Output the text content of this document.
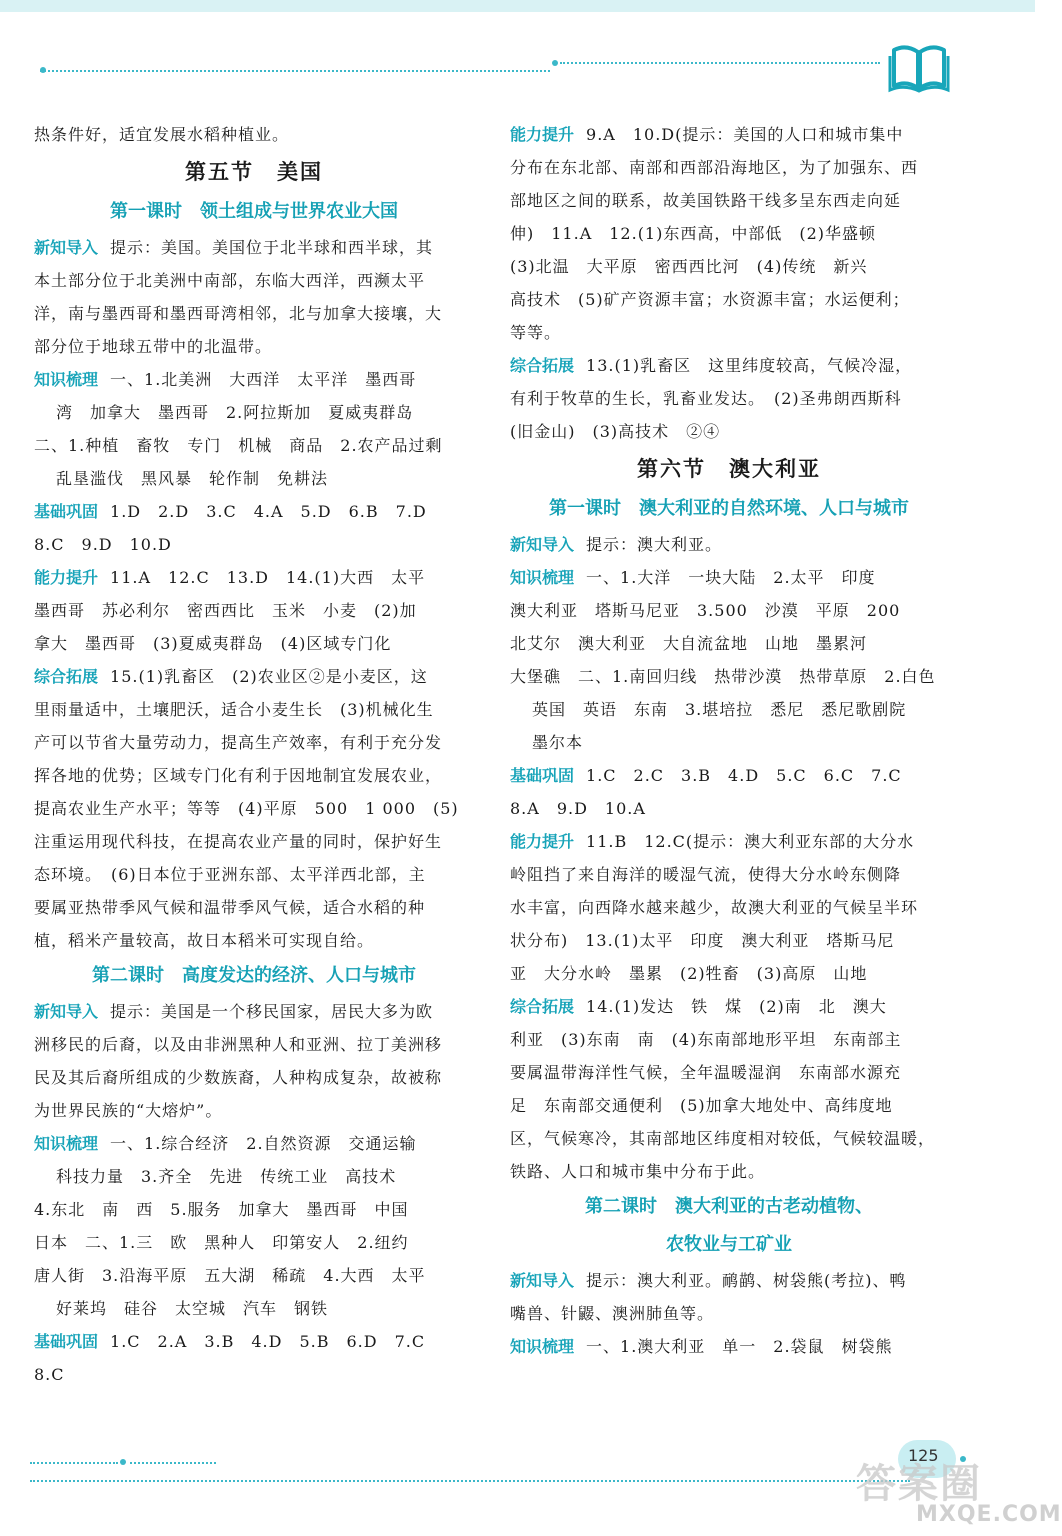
热条件好，适宜发展水稻种植业。
第五节　美国
第一课时　领土组成与世界农业大国
新知导入 提示：美国。美国位于北半球和西半球，其
本土部分位于北美洲中南部，东临大西洋，西濒太平
洋，南与墨西哥和墨西哥湾相邻，北与加拿大接壤，大
部分位于地球五带中的北温带。
知识梳理 一、1.北美洲　大西洋　太平洋　墨西哥
湾　加拿大　墨西哥　2.阿拉斯加　夏威夷群岛
二、1.种植　畜牧　专门　机械　商品　2.农产品过剩
乱垦滥伐　黑风暴　轮作制　免耕法
基础巩固 1.D　2.D　3.C　4.A　5.D　6.B　7.D
8.C　9.D　10.D
能力提升 11.A　12.C　13.D　14.(1)大西　太平
墨西哥　苏必利尔　密西西比　玉米　小麦　(2)加
拿大　墨西哥　(3)夏威夷群岛　(4)区域专门化
综合拓展 15.(1)乳畜区　(2)农业区②是小麦区，这
里雨量适中，土壤肥沃，适合小麦生长　(3)机械化生
产可以节省大量劳动力，提高生产效率，有利于充分发
挥各地的优势；区域专门化有利于因地制宜发展农业，
提高农业生产水平；等等　(4)平原　500　1 000　(5)
注重运用现代科技，在提高农业产量的同时，保护好生
态环境。　(6)日本位于亚洲东部、太平洋西北部，主
要属亚热带季风气候和温带季风气候，适合水稻的种
植，稻米产量较高，故日本稻米可实现自给。
第二课时　高度发达的经济、人口与城市
新知导入 提示：美国是一个移民国家，居民大多为欧
洲移民的后裔，以及由非洲黑种人和亚洲、拉丁美洲移
民及其后裔所组成的少数族裔，人种构成复杂，故被称
为世界民族的“大熔炉”。
知识梳理 一、1.综合经济　2.自然资源　交通运输
科技力量　3.齐全　先进　传统工业　高技术
4.东北　南　西　5.服务　加拿大　墨西哥　中国
日本　二、1.三　欧　黑种人　印第安人　2.纽约
唐人街　3.沿海平原　五大湖　稀疏　4.大西　太平
好莱坞　硅谷　太空城　汽车　钢铁
基础巩固 1.C　2.A　3.B　4.D　5.B　6.D　7.C
8.C
能力提升 9.A　10.D(提示：美国的人口和城市集中
分布在东北部、南部和西部沿海地区，为了加强东、西
部地区之间的联系，故美国铁路干线多呈东西走向延
伸)　11.A　12.(1)东西高，中部低　(2)华盛顿
(3)北温　大平原　密西西比河　(4)传统　新兴
高技术　(5)矿产资源丰富；水资源丰富；水运便利；
等等。
综合拓展 13.(1)乳畜区　这里纬度较高，气候冷湿，
有利于牧草的生长，乳畜业发达。　(2)圣弗朗西斯科
(旧金山)　(3)高技术　②④
第六节　澳大利亚
第一课时　澳大利亚的自然环境、人口与城市
新知导入 提示：澳大利亚。
知识梳理 一、1.大洋　一块大陆　2.太平　印度
澳大利亚　塔斯马尼亚　3.500　沙漠　平原　200
北艾尔　澳大利亚　大自流盆地　山地　墨累河
大堡礁　二、1.南回归线　热带沙漠　热带草原　2.白色
英国　英语　东南　3.堪培拉　悉尼　悉尼歌剧院
墨尔本
基础巩固 1.C　2.C　3.B　4.D　5.C　6.C　7.C
8.A　9.D　10.A
能力提升 11.B　12.C(提示：澳大利亚东部的大分水
岭阻挡了来自海洋的暖湿气流，使得大分水岭东侧降
水丰富，向西降水越来越少，故澳大利亚的气候呈半环
状分布)　13.(1)太平　印度　澳大利亚　塔斯马尼
亚　大分水岭　墨累　(2)牲畜　(3)高原　山地
综合拓展 14.(1)发达　铁　煤　(2)南　北　澳大
利亚　(3)东南　南　(4)东南部地形平坦　东南部主
要属温带海洋性气候，全年温暖湿润　东南部水源充
足　东南部交通便利　(5)加拿大地处中、高纬度地
区，气候寒冷，其南部地区纬度相对较低，气候较温暖，
铁路、人口和城市集中分布于此。
第二课时　澳大利亚的古老动植物、
农牧业与工矿业
新知导入 提示：澳大利亚。鸸鹋、树袋熊(考拉)、鸭
嘴兽、针鼹、澳洲肺鱼等。
知识梳理 一、1.澳大利亚　单一　2.袋鼠　树袋熊
125
答案圈
MXQE.COM
